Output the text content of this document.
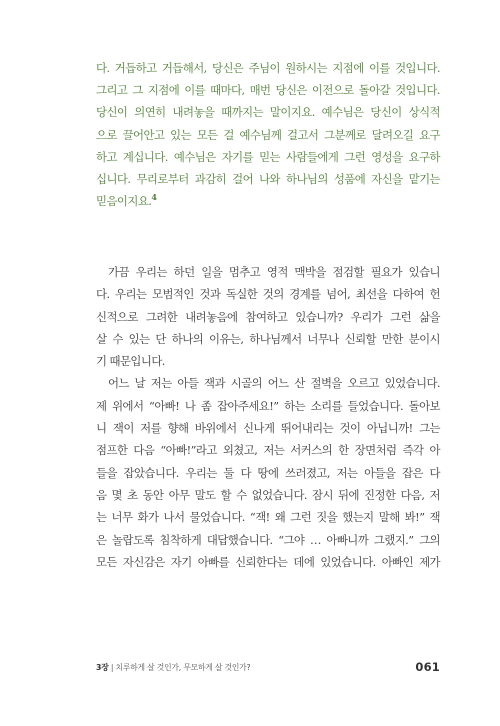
다. 거듭하고 거듭해서, 당신은 주님이 원하시는 지점에 이를 것입니다.
그리고 그 지점에 이를 때마다, 매번 당신은 이전으로 돌아갈 것입니다.
당신이 의연히 내려놓을 때까지는 말이지요. 예수님은 당신이 상식적
으로 끌어안고 있는 모든 걸 예수님께 걸고서 그분께로 달려오길 요구
하고 계십니다. 예수님은 자기를 믿는 사람들에게 그런 영성을 요구하
십니다. 무리로부터 과감히 걸어 나와 하나님의 성품에 자신을 맡기는
믿음이지요.$^4$
가끔 우리는 하던 일을 멈추고 영적 맥박을 점검할 필요가 있습니
다. 우리는 모범적인 것과 독실한 것의 경계를 넘어, 최선을 다하여 헌
신적으로 그려한 내려놓음에 참여하고 있습니까? 우리가 그런 삶을
살 수 있는 단 하나의 이유는, 하나님께서 너무나 신뢰할 만한 분이시
기 때문입니다.
어느 날 저는 아들 잭과 시골의 어느 산 절벽을 오르고 있었습니다.
제 위에서 “아빠! 나 좀 잡아주세요!” 하는 소리를 들었습니다. 돌아보
니 잭이 저를 향해 바위에서 신나게 뛰어내리는 것이 아닙니까! 그는
점프한 다음 “아빠!”라고 외쳤고, 저는 서커스의 한 장면처럼 즉각 아
들을 잡았습니다. 우리는 둘 다 땅에 쓰러졌고, 저는 아들을 잡은 다
음 몇 초 동안 아무 말도 할 수 없었습니다. 잠시 뒤에 진정한 다음, 저
는 너무 화가 나서 물었습니다. “잭! 왜 그런 짓을 했는지 말해 봐!” 잭
은 놀랍도록 침착하게 대답했습니다. “그야 … 아빠니까 그랬지.” 그의
모든 자신감은 자기 아빠를 신뢰한다는 데에 있었습니다. 아빠인 제가
3장 | 치루하게 살 것인가, 무모하게 살 것인가?	061
